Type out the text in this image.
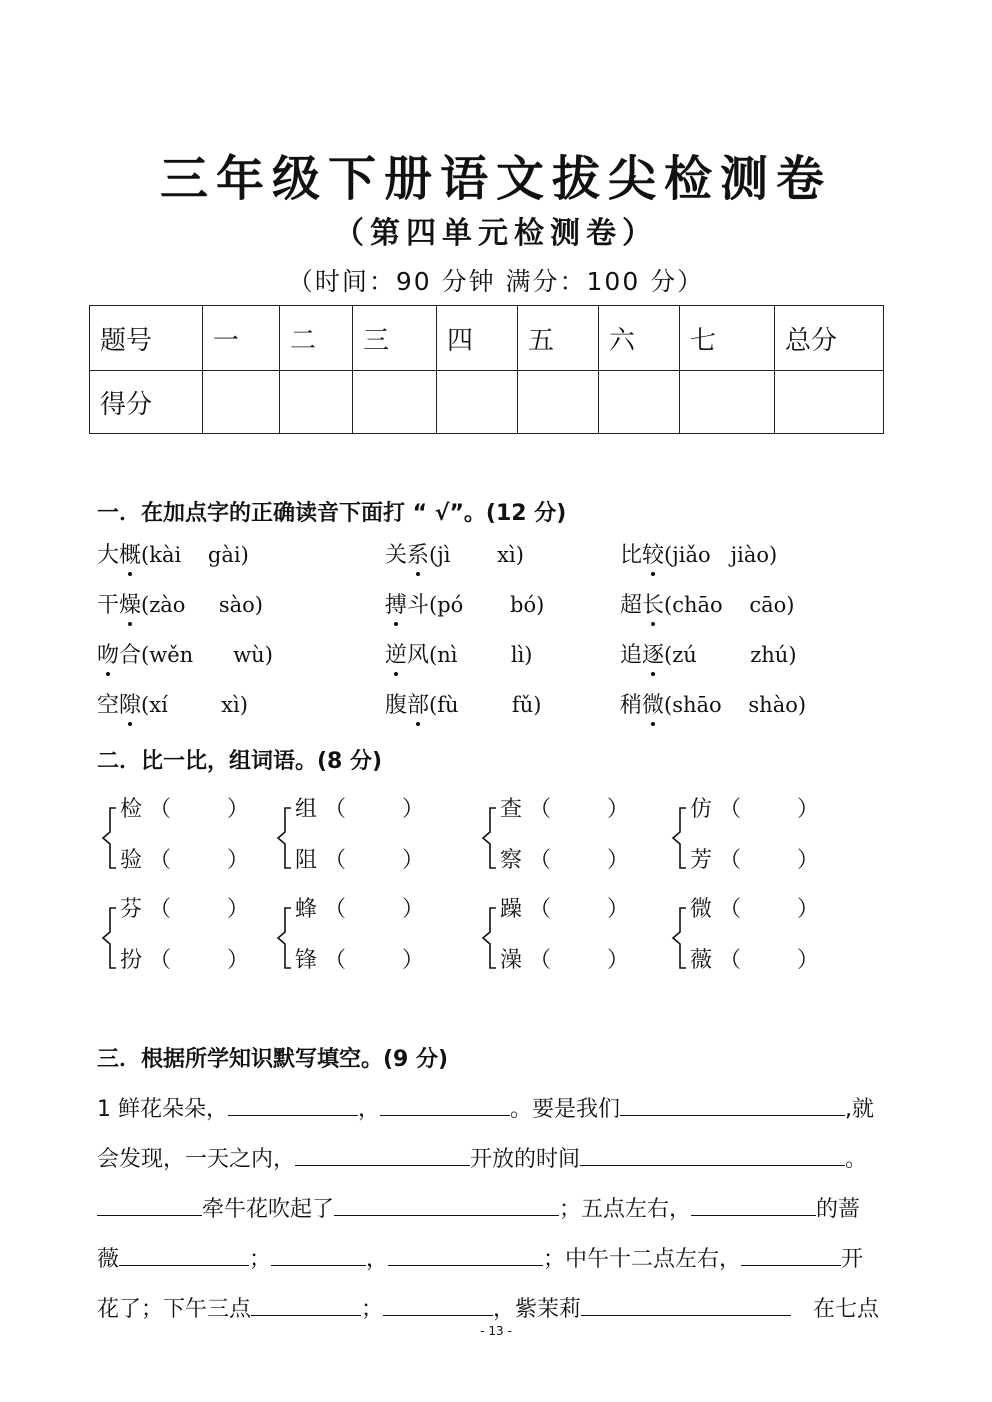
三年级下册语文拔尖检测卷
（第四单元检测卷）
（时间：90 分钟 满分：100 分）
题号	一	二	三	四	五	六	七	总分
得分								
一．在加点字的正确读音下面打 “ √”。(12 分)
大概(kài    gài)	关系(jì       xì)	比较(jiǎo   jiào)
干燥(zào     sào)	搏斗(pó       bó)	超长(chāo    cāo)
吻合(wěn      wù)	逆风(nì        lì)	追逐(zú        zhú)
空隙(xí        xì)	腹部(fù        fǔ)	稍微(shāo    shào)
二．比一比，组词语。(8 分)
检 （        ）
验 （        ）
组 （        ）
阻 （        ）
查 （        ）
察 （        ）
仿 （        ）
芳 （        ）
芬 （        ）
扮 （        ）
蜂 （        ）
锋 （        ）
躁 （        ）
澡 （        ）
微 （        ）
薇 （        ）
三．根据所学知识默写填空。(9 分)
1 鲜花朵朵，	，	。要是我们	,就
会发现，一天之内，	开放的时间	。
牵牛花吹起了	；五点左右，	的蔷
薇	；	，	；中午十二点左右，	开
花了；下午三点	；	，紫茉莉	在七点
- 13 -
